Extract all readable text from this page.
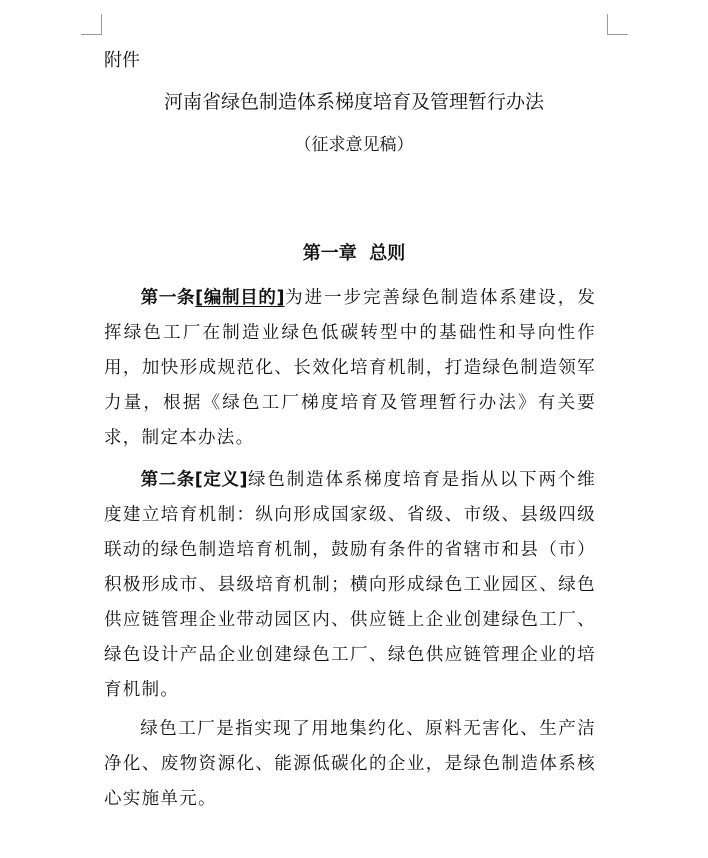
附件
河南省绿色制造体系梯度培育及管理暂行办法
（征求意见稿）
第一章  总则

第一条[编制目的]为进一步完善绿色制造体系建设，发挥绿色工厂在制造业绿色低碳转型中的基础性和导向性作用，加快形成规范化、长效化培育机制，打造绿色制造领军力量，根据《绿色工厂梯度培育及管理暂行办法》有关要求，制定本办法。

第二条[定义]绿色制造体系梯度培育是指从以下两个维度建立培育机制：纵向形成国家级、省级、市级、县级四级联动的绿色制造培育机制，鼓励有条件的省辖市和县（市）积极形成市、县级培育机制；横向形成绿色工业园区、绿色供应链管理企业带动园区内、供应链上企业创建绿色工厂、绿色设计产品企业创建绿色工厂、绿色供应链管理企业的培育机制。

绿色工厂是指实现了用地集约化、原料无害化、生产洁净化、废物资源化、能源低碳化的企业，是绿色制造体系核心实施单元。
